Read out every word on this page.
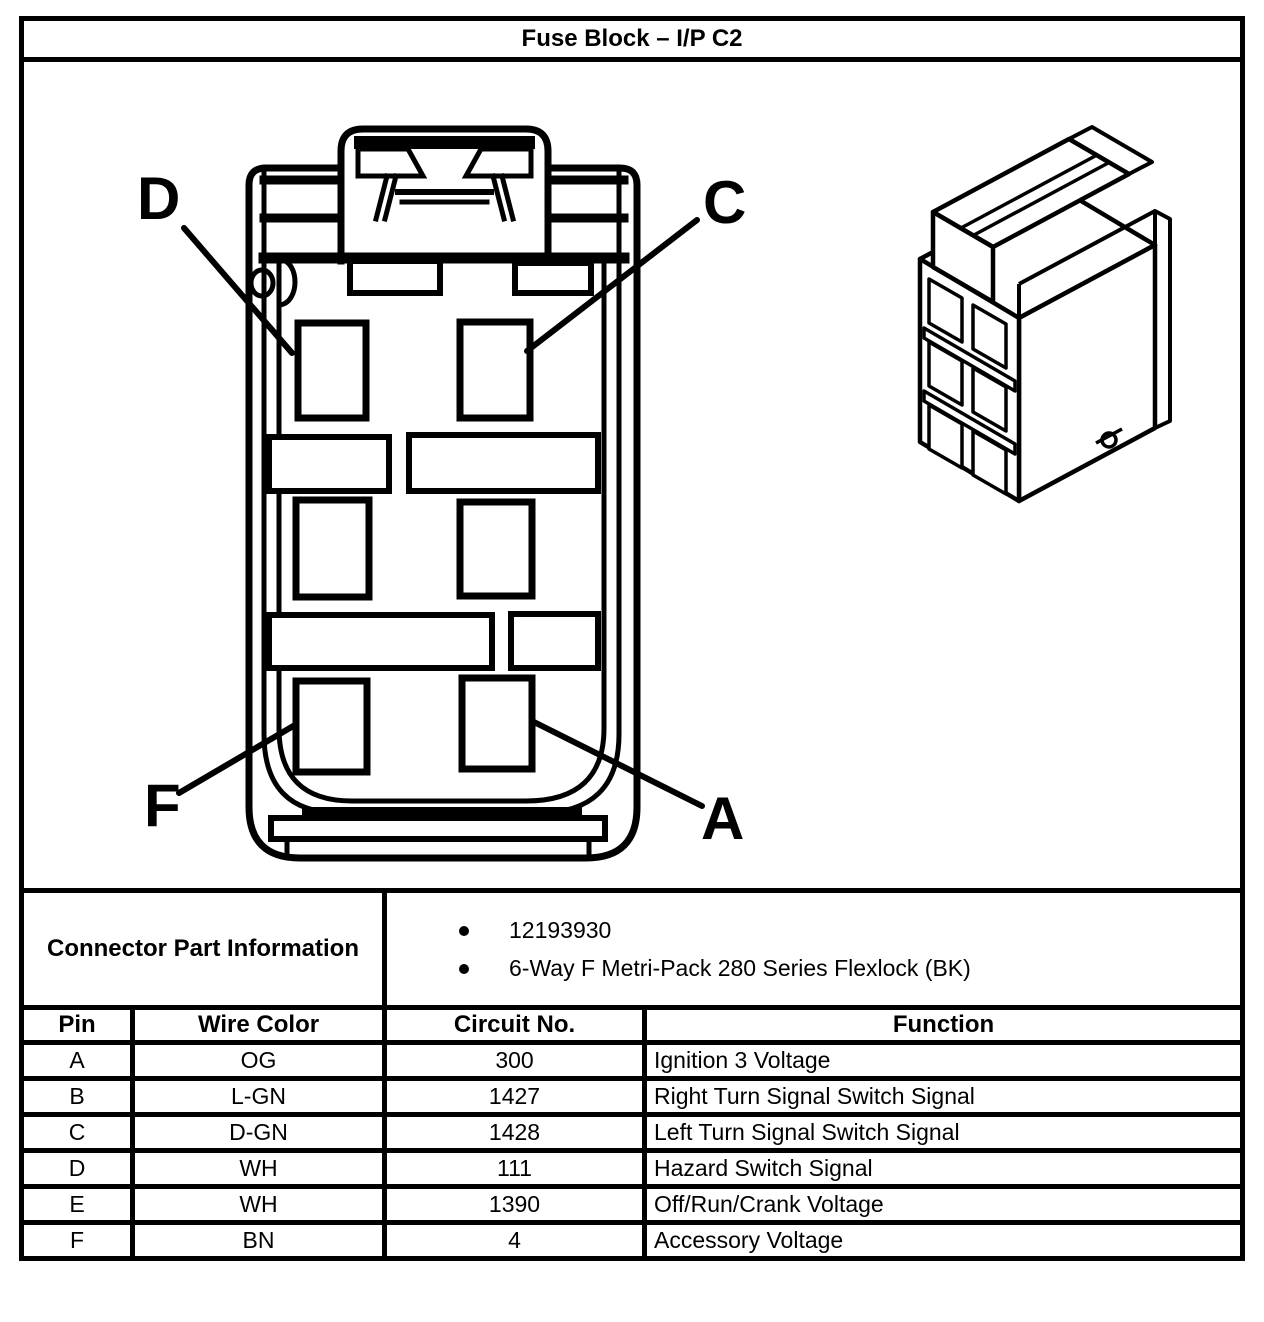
Fuse Block – I/P C2			

D C
F A			

Connector Part Information	
12193930
6-Way F Metri-Pack 280 Series Flexlock (BK)

Pin	Wire Color	Circuit No.	Function
A	OG	300	Ignition 3 Voltage
B	L-GN	1427	Right Turn Signal Switch Signal
C	D-GN	1428	Left Turn Signal Switch Signal
D	WH	111	Hazard Switch Signal
E	WH	1390	Off/Run/Crank Voltage
F	BN	4	Accessory Voltage
